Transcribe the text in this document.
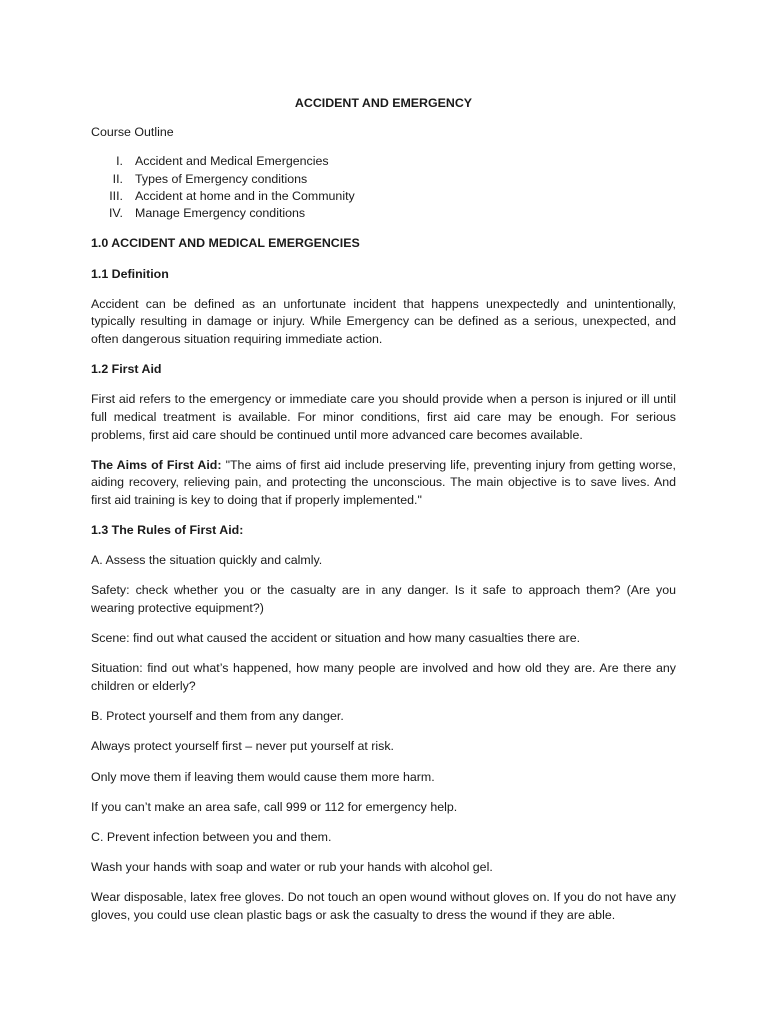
ACCIDENT AND EMERGENCY

Course Outline

I. Accident and Medical Emergencies
II. Types of Emergency conditions
III. Accident at home and in the Community
IV. Manage Emergency conditions

1.0 ACCIDENT AND MEDICAL EMERGENCIES

1.1 Definition

Accident can be defined as an unfortunate incident that happens unexpectedly and unintentionally, typically resulting in damage or injury. While Emergency can be defined as a serious, unexpected, and often dangerous situation requiring immediate action.

1.2 First Aid

First aid refers to the emergency or immediate care you should provide when a person is injured or ill until full medical treatment is available. For minor conditions, first aid care may be enough. For serious problems, first aid care should be continued until more advanced care becomes available.

The Aims of First Aid: "The aims of first aid include preserving life, preventing injury from getting worse, aiding recovery, relieving pain, and protecting the unconscious. The main objective is to save lives. And first aid training is key to doing that if properly implemented."

1.3 The Rules of First Aid:

A. Assess the situation quickly and calmly.

Safety: check whether you or the casualty are in any danger. Is it safe to approach them? (Are you wearing protective equipment?)

Scene: find out what caused the accident or situation and how many casualties there are.

Situation: find out what’s happened, how many people are involved and how old they are. Are there any children or elderly?

B. Protect yourself and them from any danger.

Always protect yourself first – never put yourself at risk.

Only move them if leaving them would cause them more harm.

If you can’t make an area safe, call 999 or 112 for emergency help.

C. Prevent infection between you and them.

Wash your hands with soap and water or rub your hands with alcohol gel.

Wear disposable, latex free gloves. Do not touch an open wound without gloves on. If you do not have any gloves, you could use clean plastic bags or ask the casualty to dress the wound if they are able.
